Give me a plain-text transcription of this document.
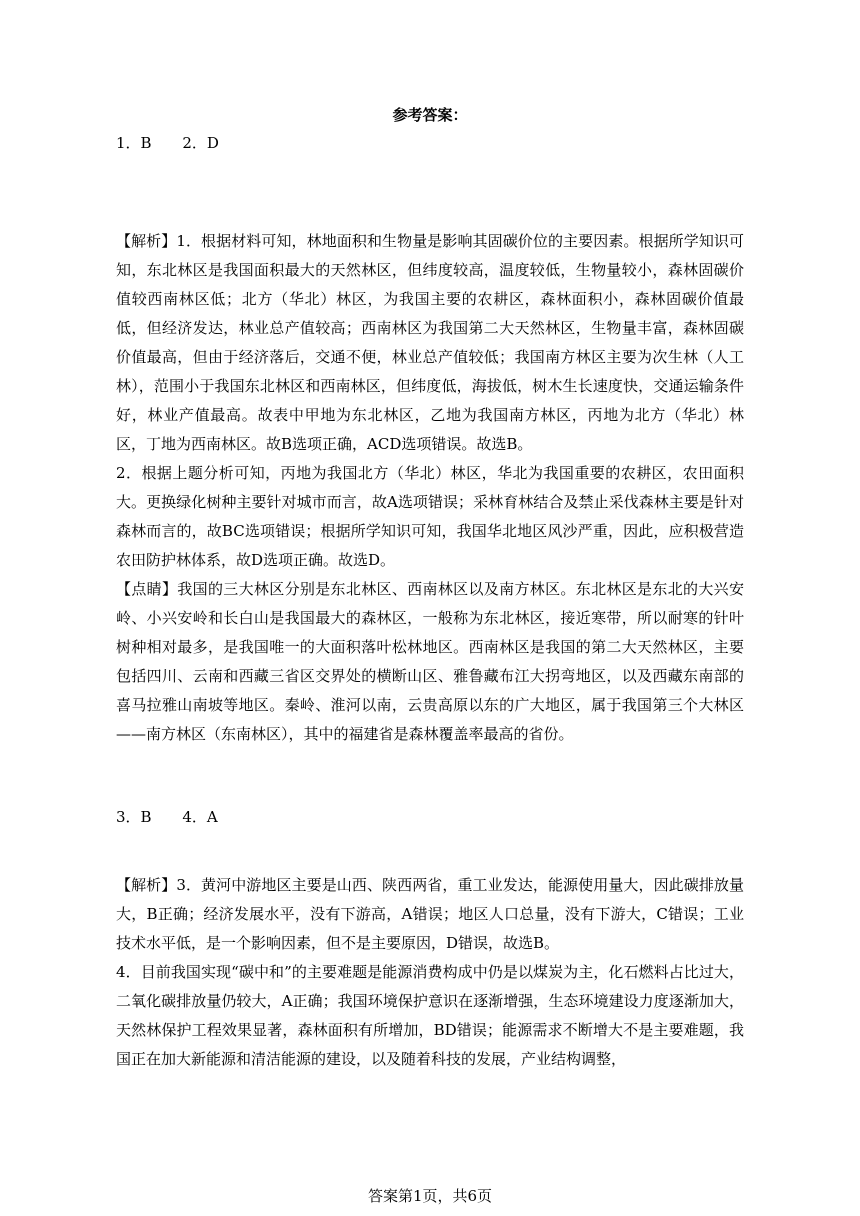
参考答案：
1．B 2．D

【解析】1．根据材料可知，林地面积和生物量是影响其固碳价位的主要因素。根据所学知识可知，东北林区是我国面积最大的天然林区，但纬度较高，温度较低，生物量较小，森林固碳价值较西南林区低；北方（华北）林区，为我国主要的农耕区，森林面积小，森林固碳价值最低，但经济发达，林业总产值较高；西南林区为我国第二大天然林区，生物量丰富，森林固碳价值最高，但由于经济落后，交通不便，林业总产值较低；我国南方林区主要为次生林（人工林），范围小于我国东北林区和西南林区，但纬度低，海拔低，树木生长速度快，交通运输条件好，林业产值最高。故表中甲地为东北林区，乙地为我国南方林区，丙地为北方（华北）林区，丁地为西南林区。故B选项正确，ACD选项错误。故选B。

2．根据上题分析可知，丙地为我国北方（华北）林区，华北为我国重要的农耕区，农田面积大。更换绿化树种主要针对城市而言，故A选项错误；采林育林结合及禁止采伐森林主要是针对森林而言的，故BC选项错误；根据所学知识可知，我国华北地区风沙严重，因此，应积极营造农田防护林体系，故D选项正确。故选D。

【点睛】我国的三大林区分别是东北林区、西南林区以及南方林区。东北林区是东北的大兴安岭、小兴安岭和长白山是我国最大的森林区，一般称为东北林区，接近寒带，所以耐寒的针叶树种相对最多，是我国唯一的大面积落叶松林地区。西南林区是我国的第二大天然林区，主要包括四川、云南和西藏三省区交界处的横断山区、雅鲁藏布江大拐弯地区，以及西藏东南部的喜马拉雅山南坡等地区。秦岭、淮河以南，云贵高原以东的广大地区，属于我国第三个大林区——南方林区（东南林区），其中的福建省是森林覆盖率最高的省份。

3．B 4．A

【解析】3．黄河中游地区主要是山西、陕西两省，重工业发达，能源使用量大，因此碳排放量大，B正确；经济发展水平，没有下游高，A错误；地区人口总量，没有下游大，C错误；工业技术水平低，是一个影响因素，但不是主要原因，D错误，故选B。

4．目前我国实现“碳中和”的主要难题是能源消费构成中仍是以煤炭为主，化石燃料占比过大，二氧化碳排放量仍较大，A正确；我国环境保护意识在逐渐增强，生态环境建设力度逐渐加大，天然林保护工程效果显著，森林面积有所增加，BD错误；能源需求不断增大不是主要难题，我国正在加大新能源和清洁能源的建设，以及随着科技的发展，产业结构调整，

答案第1页，共6页
